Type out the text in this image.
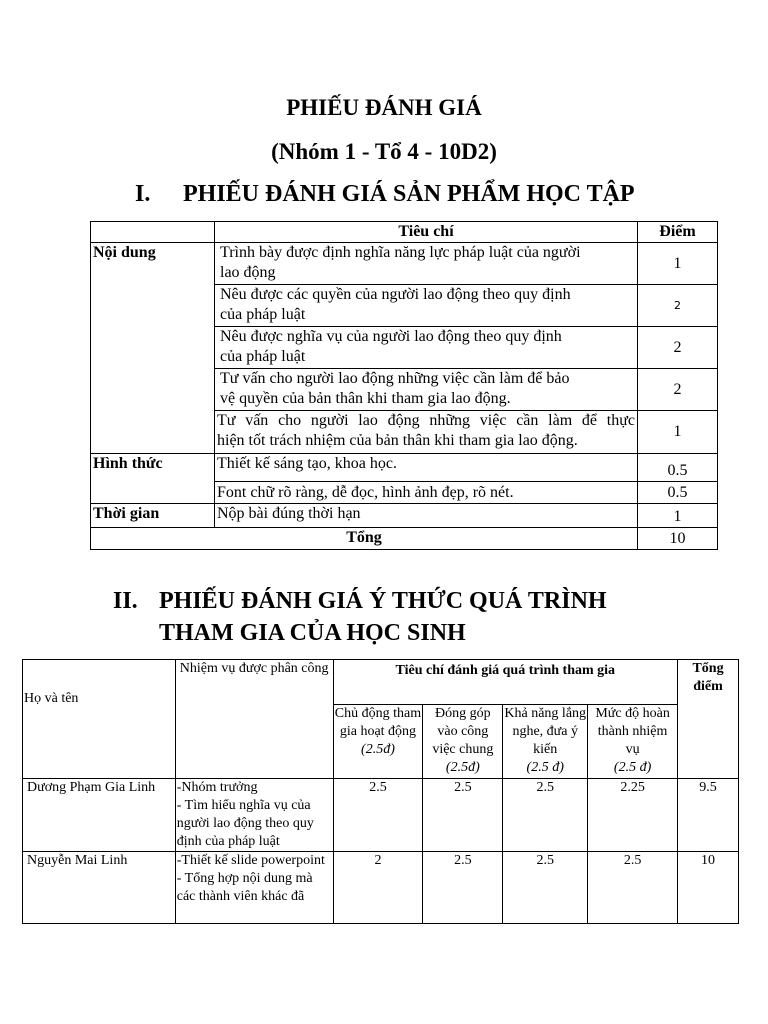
PHIẾU ĐÁNH GIÁ
(Nhóm 1 - Tổ 4 - 10D2)
I. PHIẾU ĐÁNH GIÁ SẢN PHẨM HỌC TẬP
	Tiêu chí	Điểm
Nội dung	Trình bày được định nghĩa năng lực pháp luật của người
lao động	1

	Nêu được các quyền của người lao động theo quy định
của pháp luật	2

	Nêu được nghĩa vụ của người lao động theo quy định
của pháp luật	2

	Tư vấn cho người lao động những việc cần làm để bảo
vệ quyền của bản thân khi tham gia lao động.	2

	Tư vấn cho người lao động những việc cần làm để thực
hiện tốt trách nhiệm của bản thân khi tham gia lao động.	1
Hình thức	Thiết kế sáng tạo, khoa học.	0.5
	Font chữ rõ ràng, dễ đọc, hình ảnh đẹp, rõ nét.	0.5
Thời gian	Nộp bài đúng thời hạn	1
Tổng		10
II. PHIẾU ĐÁNH GIÁ Ý THỨC QUÁ TRÌNH
THAM GIA CỦA HỌC SINH
Họ và tên	Nhiệm vụ được phân công	Tiêu chí đánh giá quá trình tham gia				Tổng điểm

		Chủ động tham gia hoạt động
(2.5đ)	Đóng góp vào công việc chung
(2.5đ)	Khả năng lắng nghe, đưa ý kiến
(2.5 đ)	Mức độ hoàn thành nhiệm vụ
(2.5 đ)	
Dương Phạm Gia Linh	-Nhóm trưởng
- Tìm hiểu nghĩa vụ của người lao động theo quy định của pháp luật	2.5	2.5	2.5	2.25	9.5
Nguyễn Mai Linh	-Thiết kế slide powerpoint
- Tổng hợp nội dung mà các thành viên khác đã	2	2.5	2.5	2.5	10
